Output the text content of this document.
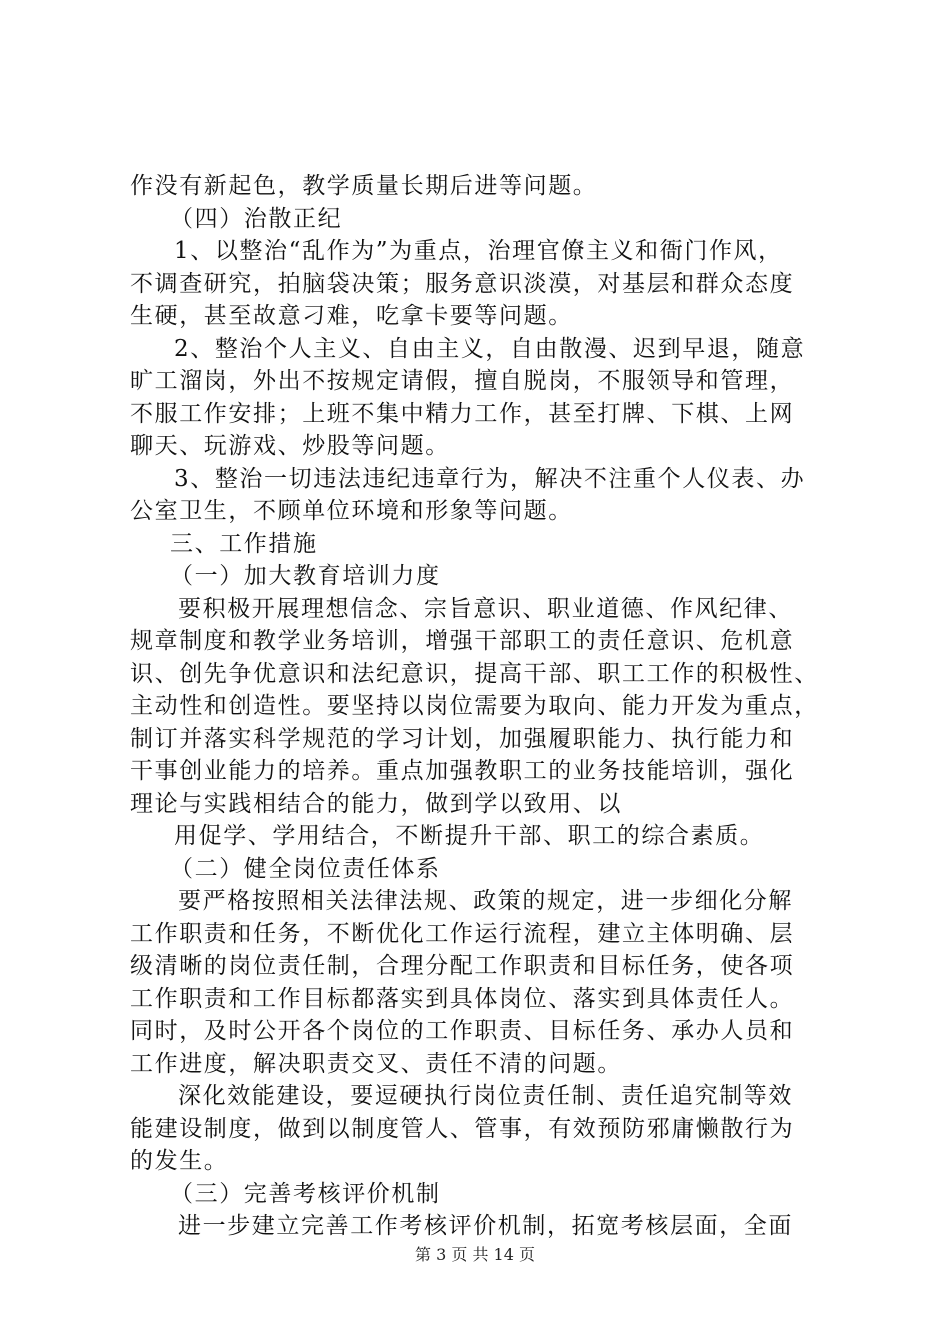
作没有新起色，教学质量长期后进等问题。
（四）治散正纪
1、以整治“乱作为”为重点，治理官僚主义和衙门作风，
不调查研究，拍脑袋决策；服务意识淡漠，对基层和群众态度
生硬，甚至故意刁难，吃拿卡要等问题。
2、整治个人主义、自由主义，自由散漫、迟到早退，随意
旷工溜岗，外出不按规定请假，擅自脱岗，不服领导和管理，
不服工作安排；上班不集中精力工作，甚至打牌、下棋、上网
聊天、玩游戏、炒股等问题。
3、整治一切违法违纪违章行为，解决不注重个人仪表、办
公室卫生，不顾单位环境和形象等问题。
三、工作措施
（一）加大教育培训力度
要积极开展理想信念、宗旨意识、职业道德、作风纪律、
规章制度和教学业务培训，增强干部职工的责任意识、危机意
识、创先争优意识和法纪意识，提高干部、职工工作的积极性、
主动性和创造性。要坚持以岗位需要为取向、能力开发为重点，
制订并落实科学规范的学习计划，加强履职能力、执行能力和
干事创业能力的培养。重点加强教职工的业务技能培训，强化
理论与实践相结合的能力，做到学以致用、以
用促学、学用结合，不断提升干部、职工的综合素质。
（二）健全岗位责任体系
要严格按照相关法律法规、政策的规定，进一步细化分解
工作职责和任务，不断优化工作运行流程，建立主体明确、层
级清晰的岗位责任制，合理分配工作职责和目标任务，使各项
工作职责和工作目标都落实到具体岗位、落实到具体责任人。
同时，及时公开各个岗位的工作职责、目标任务、承办人员和
工作进度，解决职责交叉、责任不清的问题。
深化效能建设，要逗硬执行岗位责任制、责任追究制等效
能建设制度，做到以制度管人、管事，有效预防邪庸懒散行为
的发生。
（三）完善考核评价机制
进一步建立完善工作考核评价机制，拓宽考核层面，全面
第 3 页 共 14 页
